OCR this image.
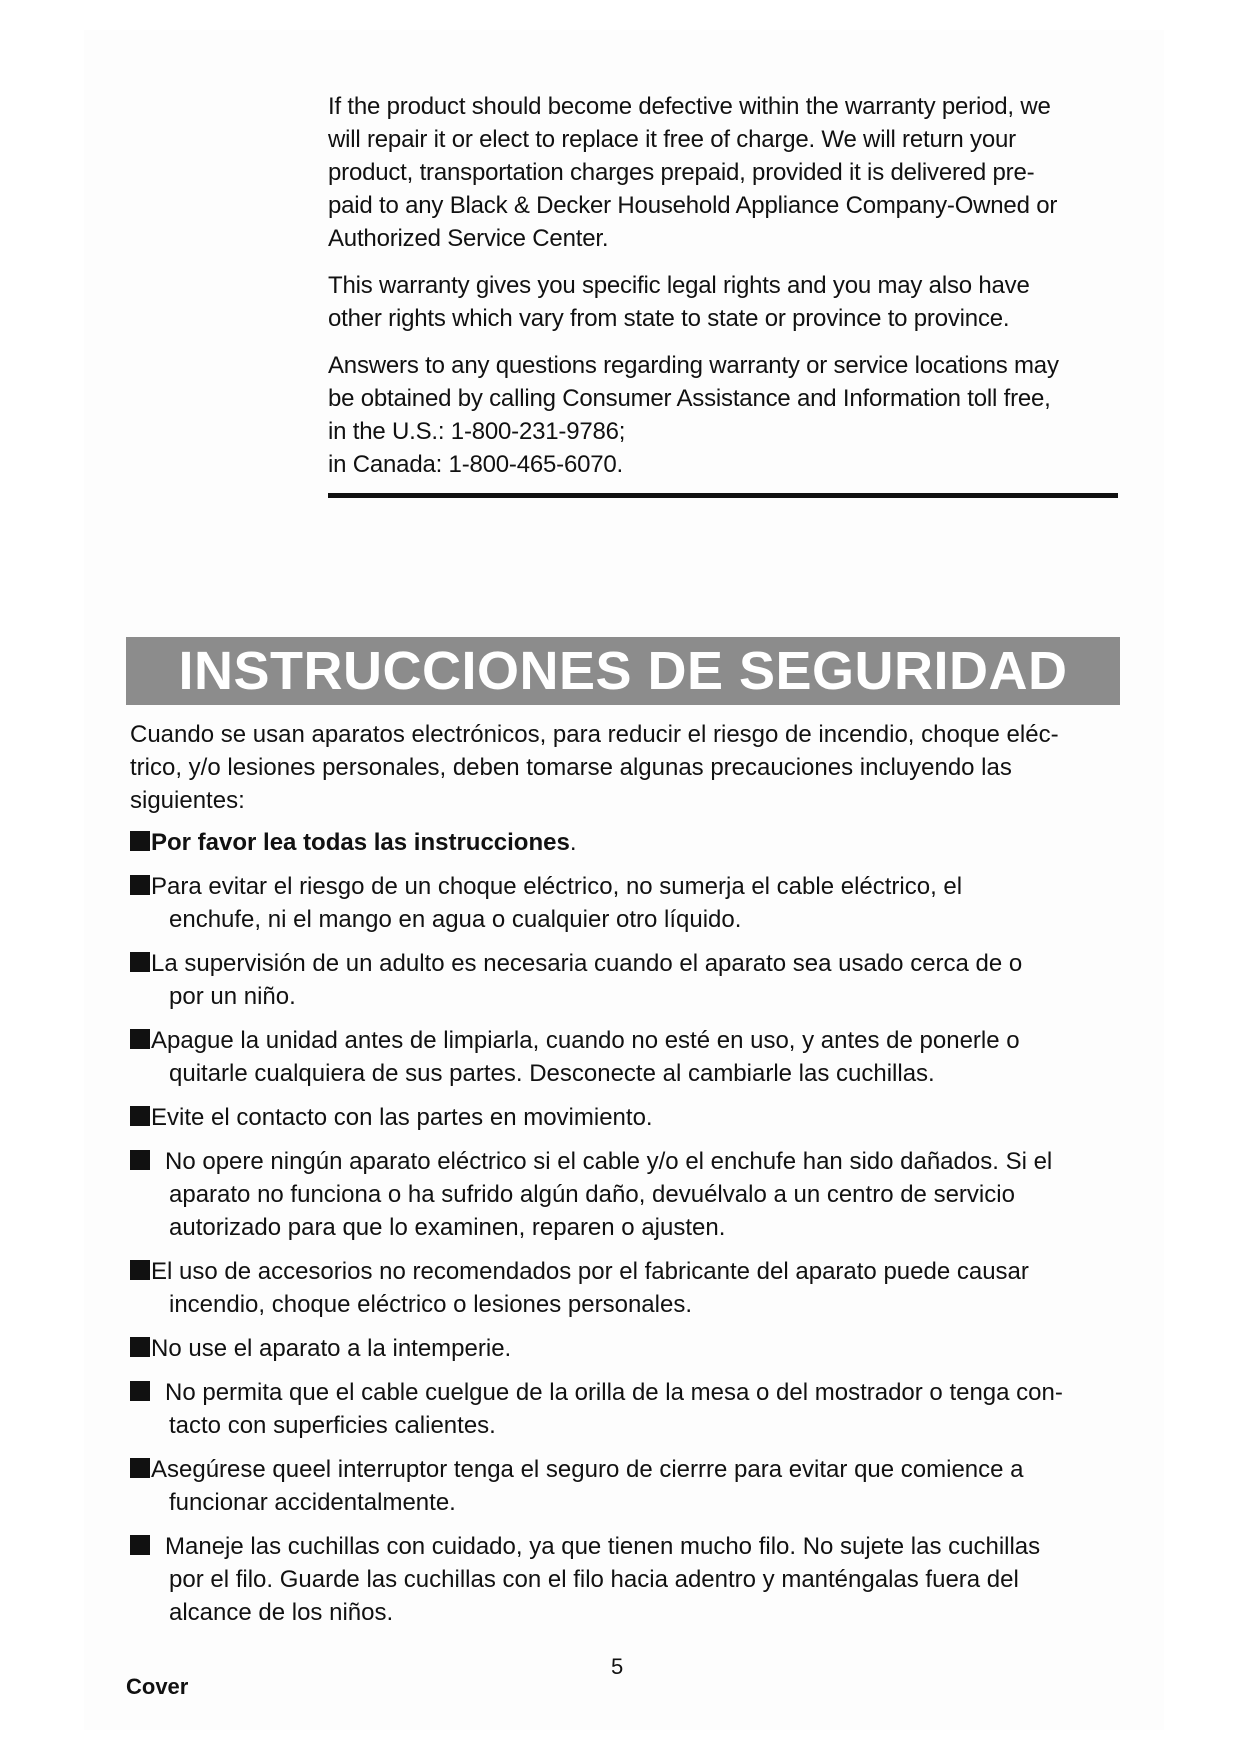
If the product should become defective within the warranty period, we
will repair it or elect to replace it free of charge. We will return your
product, transportation charges prepaid, provided it is delivered pre-
paid to any Black & Decker Household Appliance Company-Owned or
Authorized Service Center.

This warranty gives you specific legal rights and you may also have
other rights which vary from state to state or province to province.

Answers to any questions regarding warranty or service locations may
be obtained by calling Consumer Assistance and Information toll free,
in the U.S.: 1-800-231-9786;
in Canada: 1-800-465-6070.

INSTRUCCIONES DE SEGURIDAD

Cuando se usan aparatos electrónicos, para reducir el riesgo de incendio, choque eléc-
trico, y/o lesiones personales, deben tomarse algunas precauciones incluyendo las
siguientes:

Por favor lea todas las instrucciones.
Para evitar el riesgo de un choque eléctrico, no sumerja el cable eléctrico, el
enchufe, ni el mango en agua o cualquier otro líquido.
La supervisión de un adulto es necesaria cuando el aparato sea usado cerca de o
por un niño.
Apague la unidad antes de limpiarla, cuando no esté en uso, y antes de ponerle o
quitarle cualquiera de sus partes. Desconecte al cambiarle las cuchillas.
Evite el contacto con las partes en movimiento.
No opere ningún aparato eléctrico si el cable y/o el enchufe han sido dañados. Si el
aparato no funciona o ha sufrido algún daño, devuélvalo a un centro de servicio
autorizado para que lo examinen, reparen o ajusten.
El uso de accesorios no recomendados por el fabricante del aparato puede causar
incendio, choque eléctrico o lesiones personales.
No use el aparato a la intemperie.
No permita que el cable cuelgue de la orilla de la mesa o del mostrador o tenga con-
tacto con superficies calientes.
Asegúrese queel interruptor tenga el seguro de cierrre para evitar que comience a
funcionar accidentalmente.
Maneje las cuchillas con cuidado, ya que tienen mucho filo. No sujete las cuchillas
por el filo. Guarde las cuchillas con el filo hacia adentro y manténgalas fuera del
alcance de los niños.
Cover
5
